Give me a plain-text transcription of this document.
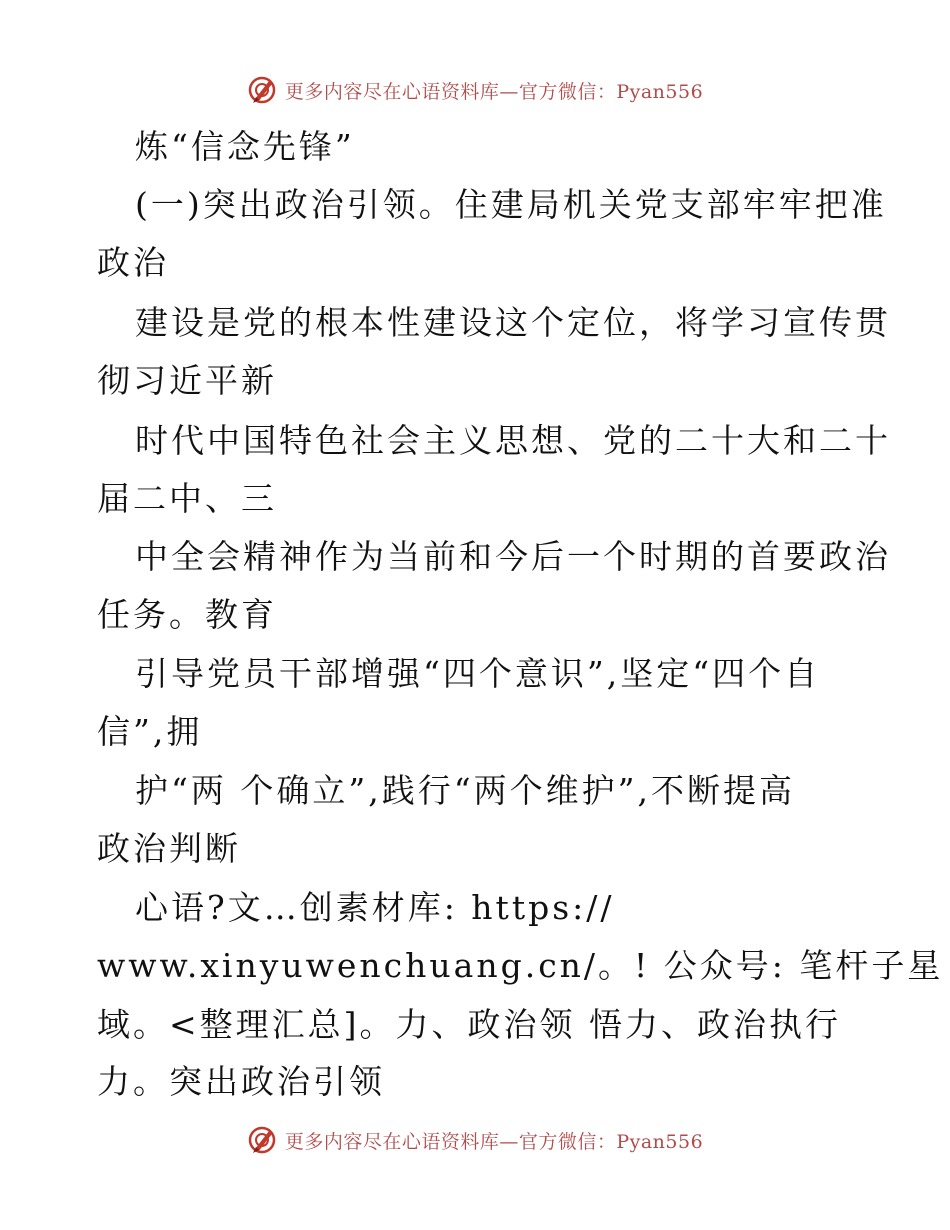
更多内容尽在心语资料库—官方微信：Pyan556
炼“信念先锋”
(一)突出政治引领。住建局机关党支部牢牢把准
政治
建设是党的根本性建设这个定位，将学习宣传贯
彻习近平新
时代中国特色社会主义思想、党的二十大和二十
届二中、三
中全会精神作为当前和今后一个时期的首要政治
任务。教育
引导党员干部增强“四个意识”,坚定“四个自
信”,拥
护“两 个确立”,践行“两个维护”,不断提高
政治判断
心语?文…创素材库: https://
www.xinyuwenchuang.cn/。! 公众号: 笔杆子星
域。<整理汇总]。力、政治领 悟力、政治执行
力。突出政治引领
更多内容尽在心语资料库—官方微信：Pyan556
